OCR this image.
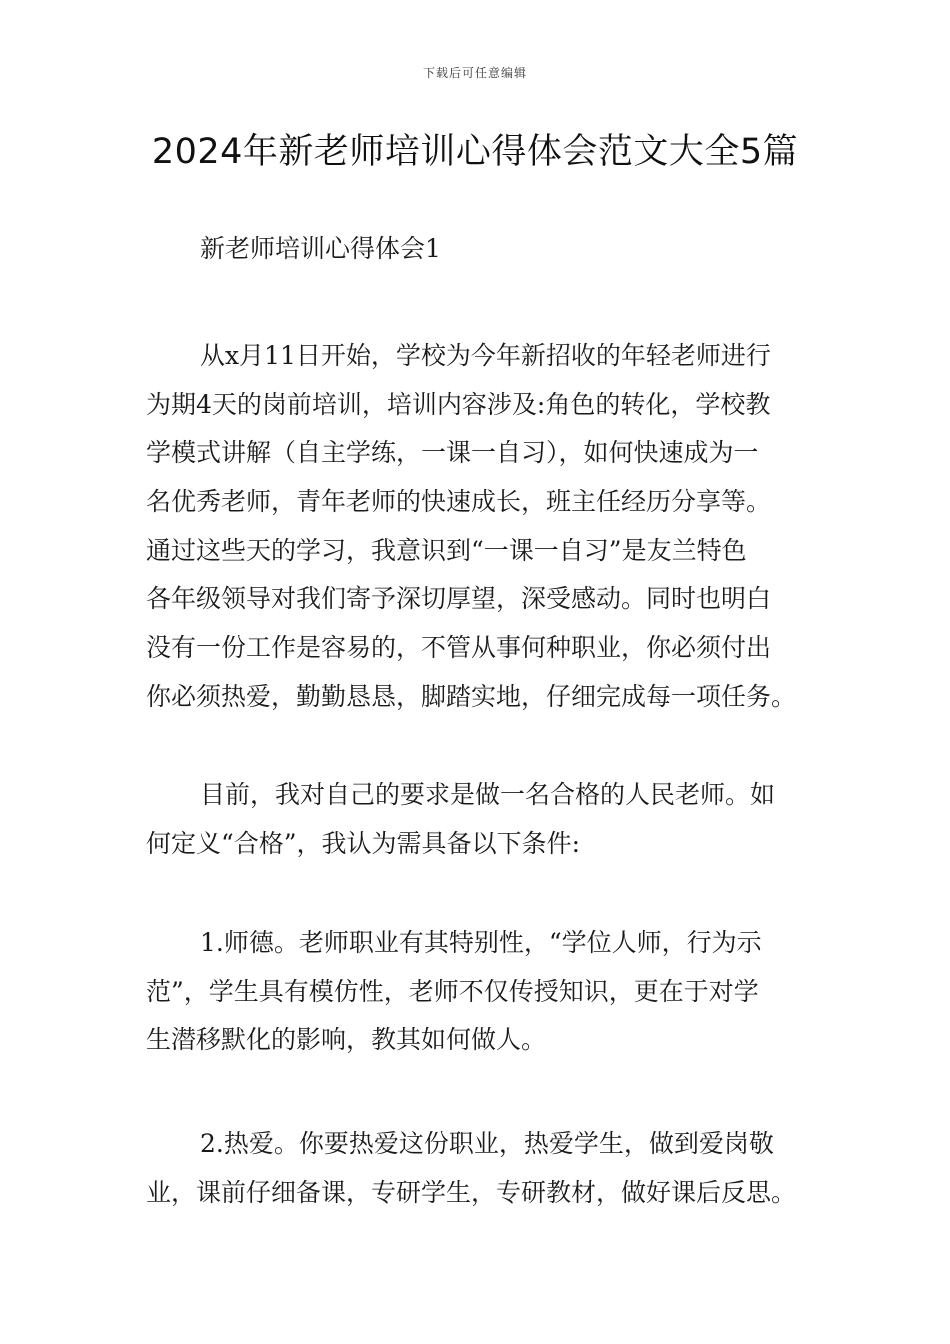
下载后可任意编辑
2024年新老师培训心得体会范文大全5篇
新老师培训心得体会1
从x月11日开始，学校为今年新招收的年轻老师进行
为期4天的岗前培训，培训内容涉及:角色的转化，学校教
学模式讲解（自主学练，一课一自习），如何快速成为一
名优秀老师，青年老师的快速成长，班主任经历分享等。
通过这些天的学习，我意识到“一课一自习”是友兰特色
各年级领导对我们寄予深切厚望，深受感动。同时也明白
没有一份工作是容易的，不管从事何种职业，你必须付出
你必须热爱，勤勤恳恳，脚踏实地，仔细完成每一项任务。
目前，我对自己的要求是做一名合格的人民老师。如
何定义“合格”，我认为需具备以下条件:
1.师德。老师职业有其特别性，“学位人师，行为示
范”，学生具有模仿性，老师不仅传授知识，更在于对学
生潜移默化的影响，教其如何做人。
2.热爱。你要热爱这份职业，热爱学生，做到爱岗敬
业，课前仔细备课，专研学生，专研教材，做好课后反思。
